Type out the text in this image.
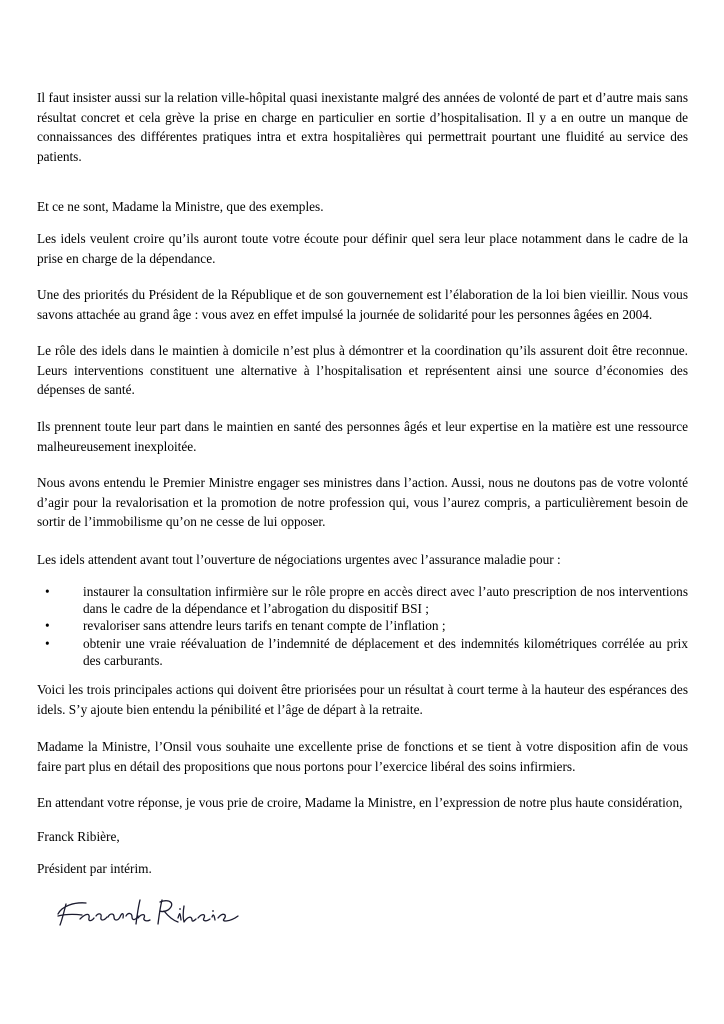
Il faut insister aussi sur la relation ville-hôpital quasi inexistante malgré des années de volonté de part et d’autre mais sans résultat concret et cela grève la prise en charge en particulier en sortie d’hospitalisation. Il y a en outre un manque de connaissances des différentes pratiques intra et extra hospitalières qui permettrait pourtant une fluidité au service des patients.

Et ce ne sont, Madame la Ministre, que des exemples.

Les idels veulent croire qu’ils auront toute votre écoute pour définir quel sera leur place notamment dans le cadre de la prise en charge de la dépendance.

Une des priorités du Président de la République et de son gouvernement est l’élaboration de la loi bien vieillir. Nous vous savons attachée au grand âge : vous avez en effet impulsé la journée de solidarité pour les personnes âgées en 2004.

Le rôle des idels dans le maintien à domicile n’est plus à démontrer et la coordination qu’ils assurent doit être reconnue. Leurs interventions constituent une alternative à l’hospitalisation et représentent ainsi une source d’économies des dépenses de santé.

Ils prennent toute leur part dans le maintien en santé des personnes âgés et leur expertise en la matière est une ressource malheureusement inexploitée.

Nous avons entendu le Premier Ministre engager ses ministres dans l’action. Aussi, nous ne doutons pas de votre volonté d’agir pour la revalorisation et la promotion de notre profession qui, vous l’aurez compris, a particulièrement besoin de sortir de l’immobilisme qu’on ne cesse de lui opposer.

Les idels attendent avant tout l’ouverture de négociations urgentes avec l’assurance maladie pour :

•	instaurer la consultation infirmière sur le rôle propre en accès direct avec l’auto prescription de nos interventions dans le cadre de la dépendance et l’abrogation du dispositif BSI ;
•	revaloriser sans attendre leurs tarifs en tenant compte de l’inflation ;
•	obtenir une vraie réévaluation de l’indemnité de déplacement et des indemnités kilométriques corrélée au prix des carburants.

Voici les trois principales actions qui doivent être priorisées pour un résultat à court terme à la hauteur des espérances des idels. S’y ajoute bien entendu la pénibilité et l’âge de départ à la retraite.

Madame la Ministre, l’Onsil vous souhaite une excellente prise de fonctions et se tient à votre disposition afin de vous faire part plus en détail des propositions que nous portons pour l’exercice libéral des soins infirmiers.

En attendant votre réponse, je vous prie de croire, Madame la Ministre, en l’expression de notre plus haute considération,

Franck Ribière,

Président par intérim.
